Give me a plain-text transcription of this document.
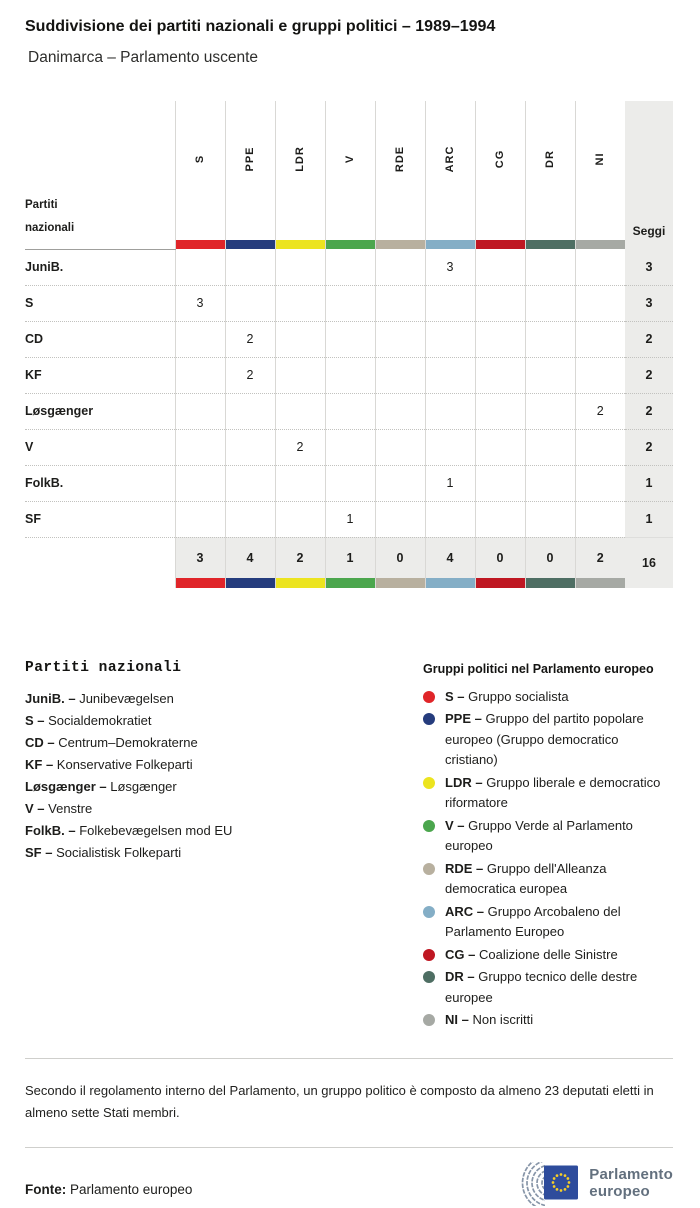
Suddivisione dei partiti nazionali e gruppi politici – 1989–1994
Danimarca – Parlamento uscente
Partiti
nazionali	S	PPE	LDR	V	RDE	ARC	CG	DR	NI	Seggi
JuniB.						3				3
S	3									3
CD		2								2
KF		2								2
Løsgænger									2	2
V			2							2
FolkB.						1				1
SF				1						1
	3	4	2	1	0	4	0	0	2	16

Partiti nazionali
JuniB. – Junibevægelsen
S – Socialdemokratiet
CD – Centrum–Demokraterne
KF – Konservative Folkeparti
Løsgænger – Løsgænger
V – Venstre
FolkB. – Folkebevægelsen mod EU
SF – Socialistisk Folkeparti
Gruppi politici nel Parlamento europeo
S – Gruppo socialista
PPE – Gruppo del partito popolare europeo (Gruppo democratico cristiano)
LDR – Gruppo liberale e democratico riformatore
V – Gruppo Verde al Parlamento europeo
RDE – Gruppo dell'Alleanza democratica europea
ARC – Gruppo Arcobaleno del Parlamento Europeo
CG – Coalizione delle Sinistre
DR – Gruppo tecnico delle destre europee
NI – Non iscritti

Secondo il regolamento interno del Parlamento, un gruppo politico è composto da almeno 23 deputati eletti in almeno sette Stati membri.

Fonte: Parlamento europeo
Parlamento
europeo
